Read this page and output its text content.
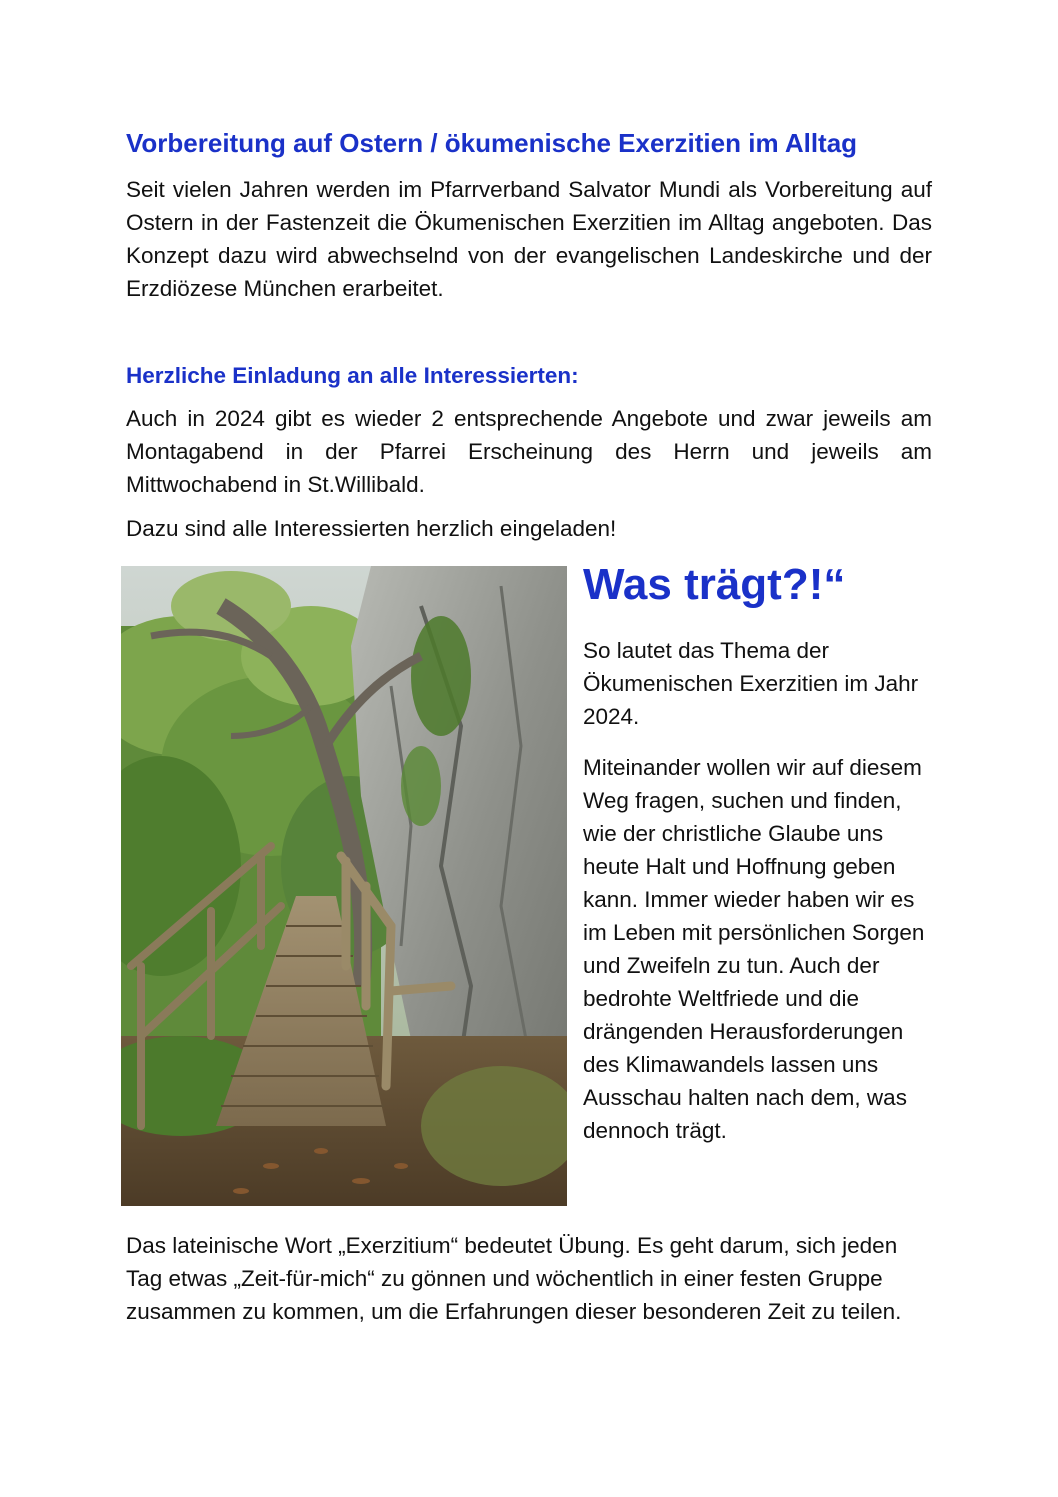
Vorbereitung auf Ostern / ökumenische Exerzitien im Alltag

Seit vielen Jahren werden im Pfarrverband Salvator Mundi als Vorbereitung auf Ostern in der Fastenzeit die Ökumenischen Exerzitien im Alltag angeboten. Das Konzept dazu wird abwechselnd von der evangelischen Landeskirche und der Erzdiözese München erarbeitet.

Herzliche Einladung an alle Interessierten:

Auch in 2024 gibt es wieder 2 entsprechende Angebote und zwar jeweils am Montagabend in der Pfarrei Erscheinung des Herrn und jeweils am Mittwochabend in St.Willibald.

Dazu sind alle Interessierten herzlich eingeladen!

Was trägt?!“

So lautet das Thema der Ökumenischen Exerzitien im Jahr 2024.

Miteinander wollen wir auf diesem Weg fragen, suchen und finden, wie der christliche Glaube uns heute Halt und Hoffnung geben kann. Immer wieder haben wir es im Leben mit persönlichen Sorgen und Zweifeln zu tun. Auch der bedrohte Weltfriede und die drängenden Herausforderungen des Klimawandels lassen uns Ausschau halten nach dem, was dennoch trägt.

Das lateinische Wort „Exerzitium“ bedeutet Übung. Es geht darum, sich jeden Tag etwas „Zeit-für-mich“ zu gönnen und wöchentlich in einer festen Gruppe zusammen zu kommen, um die Erfahrungen dieser besonderen Zeit zu teilen.
